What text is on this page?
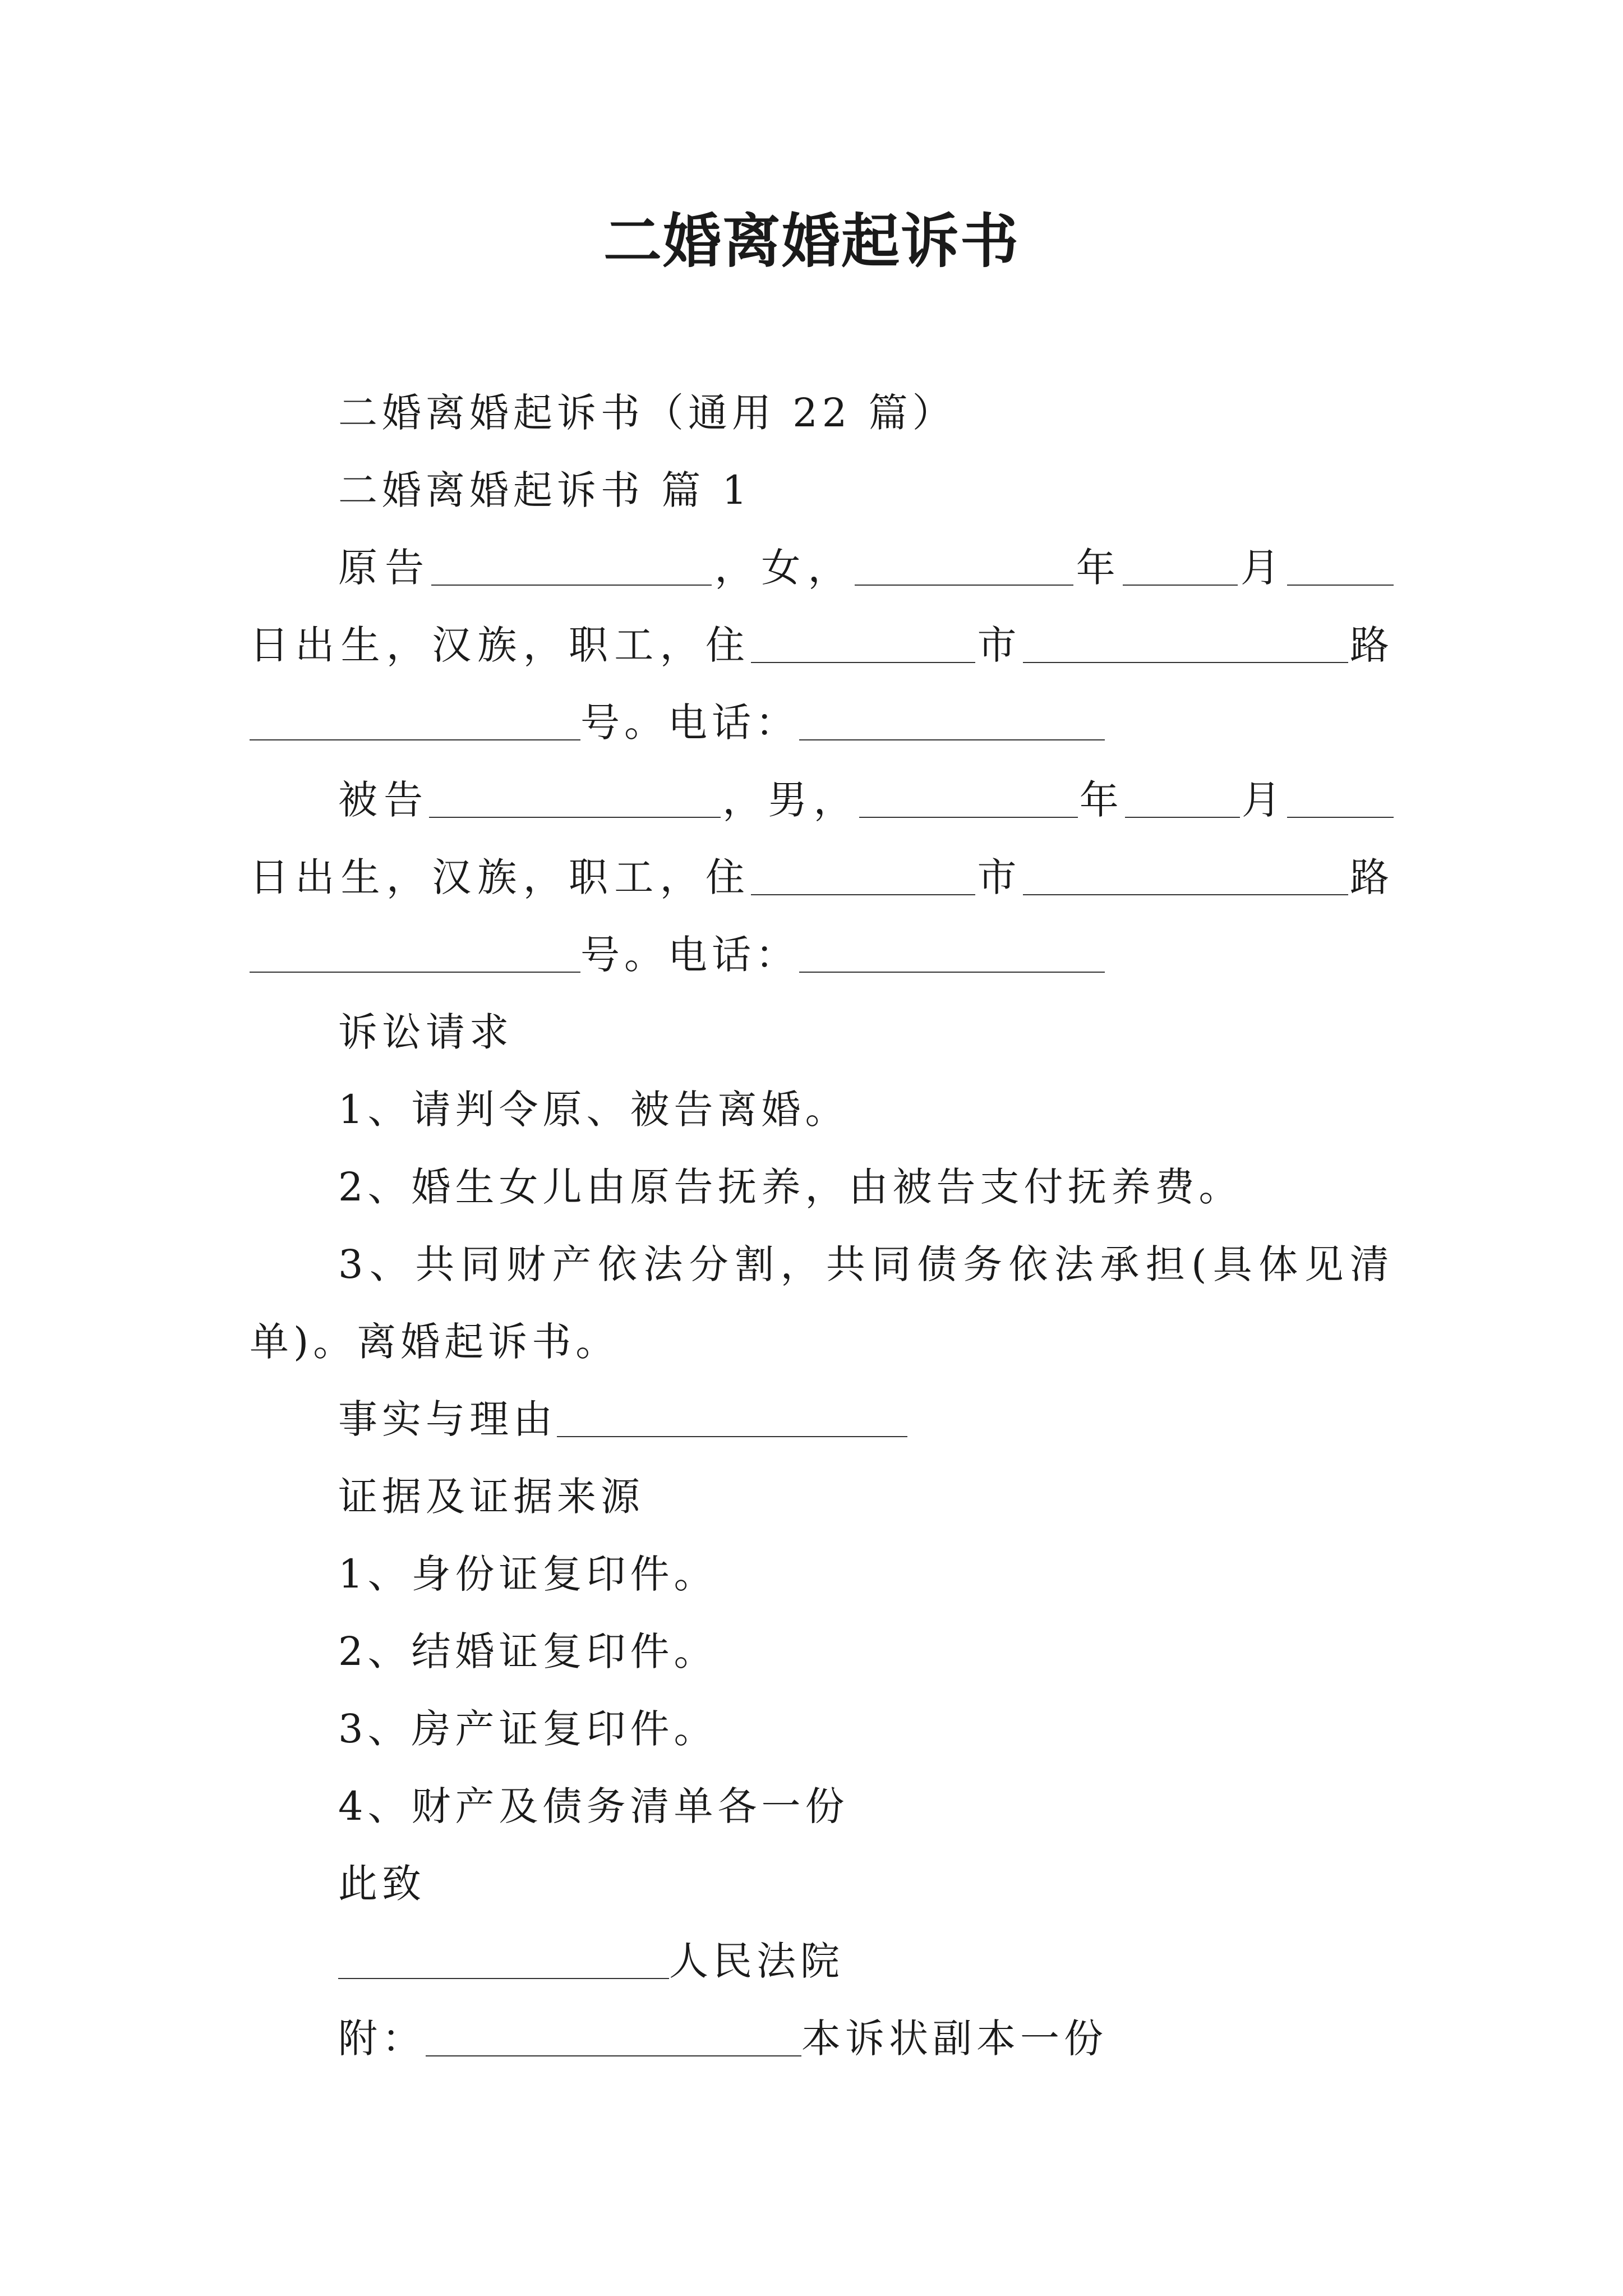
二婚离婚起诉书

二婚离婚起诉书（通用 22 篇）

二婚离婚起诉书 篇 1

原告	，女，	年	月

日出生，汉族，职工，住	市	路

号。电话：

被告	，男，	年	月

日出生，汉族，职工，住	市	路

号。电话：

诉讼请求

1、请判令原、被告离婚。

2、婚生女儿由原告抚养，由被告支付抚养费。

3、共同财产依法分割，共同债务依法承担(具体见清

单)。离婚起诉书。

事实与理由

证据及证据来源

1、身份证复印件。

2、结婚证复印件。

3、房产证复印件。

4、财产及债务清单各一份

此致

人民法院

附：	本诉状副本一份
